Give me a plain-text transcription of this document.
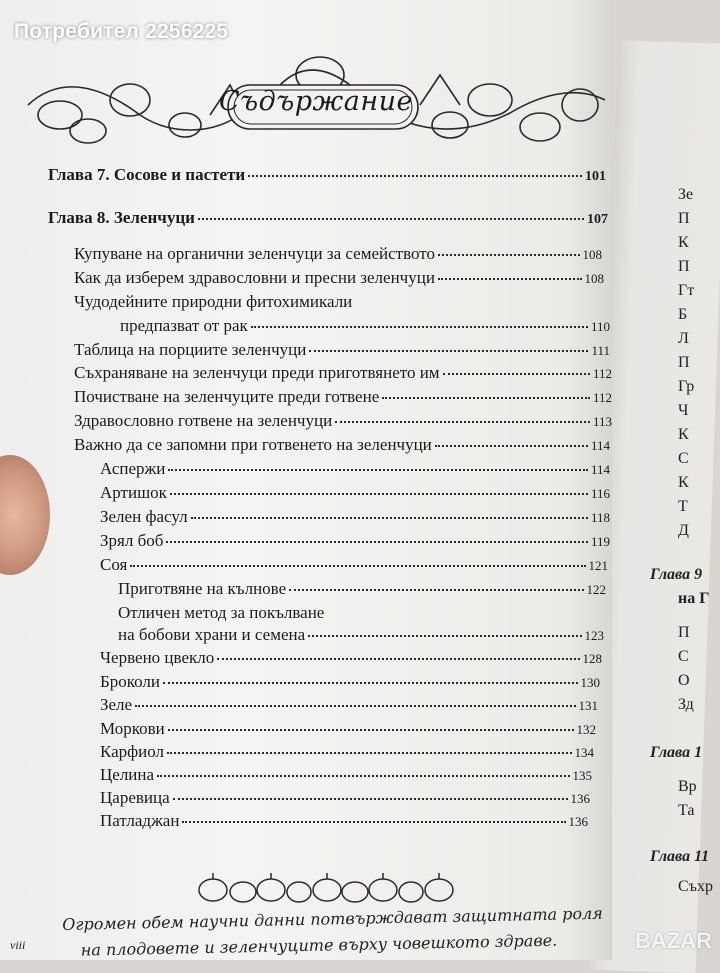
Потребител 2256225
Съдържание
Глава 7. Сосове и пастети	101
Глава 8. Зеленчуци	107
Купуване на органични зеленчуци за семейството	108
Как да изберем здравословни и пресни зеленчуци	108
Чудодейните природни фитохимикали
предпазват от рак	110
Таблица на порциите зеленчуци	111
Съхраняване на зеленчуци преди приготвянето им	112
Почистване на зеленчуците преди готвене	112
Здравословно готвене на зеленчуци	113
Важно да се запомни при готвенето на зеленчуци	114
Аспержи	114
Артишок	116
Зелен фасул	118
Зрял боб	119
Соя	121
Приготвяне на кълнове	122
Отличен метод за покълване
на бобови храни и семена	123
Червено цвекло	128
Броколи	130
Зеле	131
Моркови	132
Карфиол	134
Целина	135
Царевица	136
Патладжан	136
Зе
П
К
П
Гт
Б
Л
П
Гр
Ч
К
С
К
Т
Д
Глава 9
на Г
П
С
О
Зд
Глава 1
Вр
Та
Глава 11
Съхр
Огромен обем научни данни потвърждават защитната роля
на плодовете и зеленчуците върху човешкото здраве.
viii	BAZAR
